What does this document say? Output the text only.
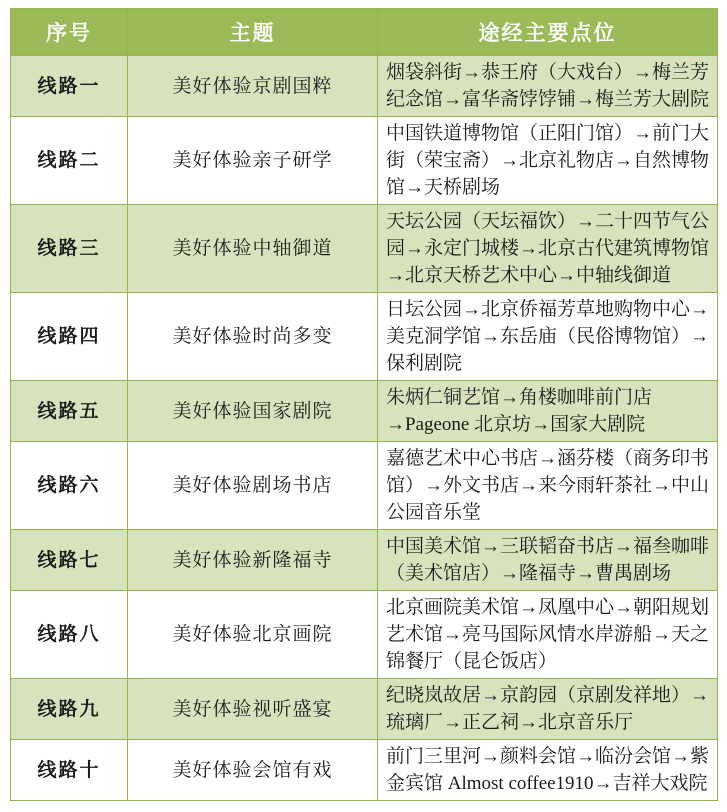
序号	主题	途经主要点位
线路一	美好体验京剧国粹	烟袋斜街→恭王府（大戏台）→梅兰芳纪念馆→富华斋饽饽铺→梅兰芳大剧院
线路二	美好体验亲子研学	中国铁道博物馆（正阳门馆）→前门大街（荣宝斋）→北京礼物店→自然博物馆→天桥剧场
线路三	美好体验中轴御道	天坛公园（天坛福饮）→二十四节气公园→永定门城楼→北京古代建筑博物馆→北京天桥艺术中心→中轴线御道
线路四	美好体验时尚多变	日坛公园→北京侨福芳草地购物中心→美克洞学馆→东岳庙（民俗博物馆）→保利剧院
线路五	美好体验国家剧院	朱炳仁铜艺馆→角楼咖啡前门店→Pageone 北京坊→国家大剧院
线路六	美好体验剧场书店	嘉德艺术中心书店→涵芬楼（商务印书馆）→外文书店→来今雨轩茶社→中山公园音乐堂
线路七	美好体验新隆福寺	中国美术馆→三联韬奋书店→福叁咖啡（美术馆店）→隆福寺→曹禺剧场
线路八	美好体验北京画院	北京画院美术馆→凤凰中心→朝阳规划艺术馆→亮马国际风情水岸游船→天之锦餐厅（昆仑饭店）
线路九	美好体验视听盛宴	纪晓岚故居→京韵园（京剧发祥地）→琉璃厂→正乙祠→北京音乐厅
线路十	美好体验会馆有戏	前门三里河→颜料会馆→临汾会馆→紫金宾馆 Almost coffee1910→吉祥大戏院
